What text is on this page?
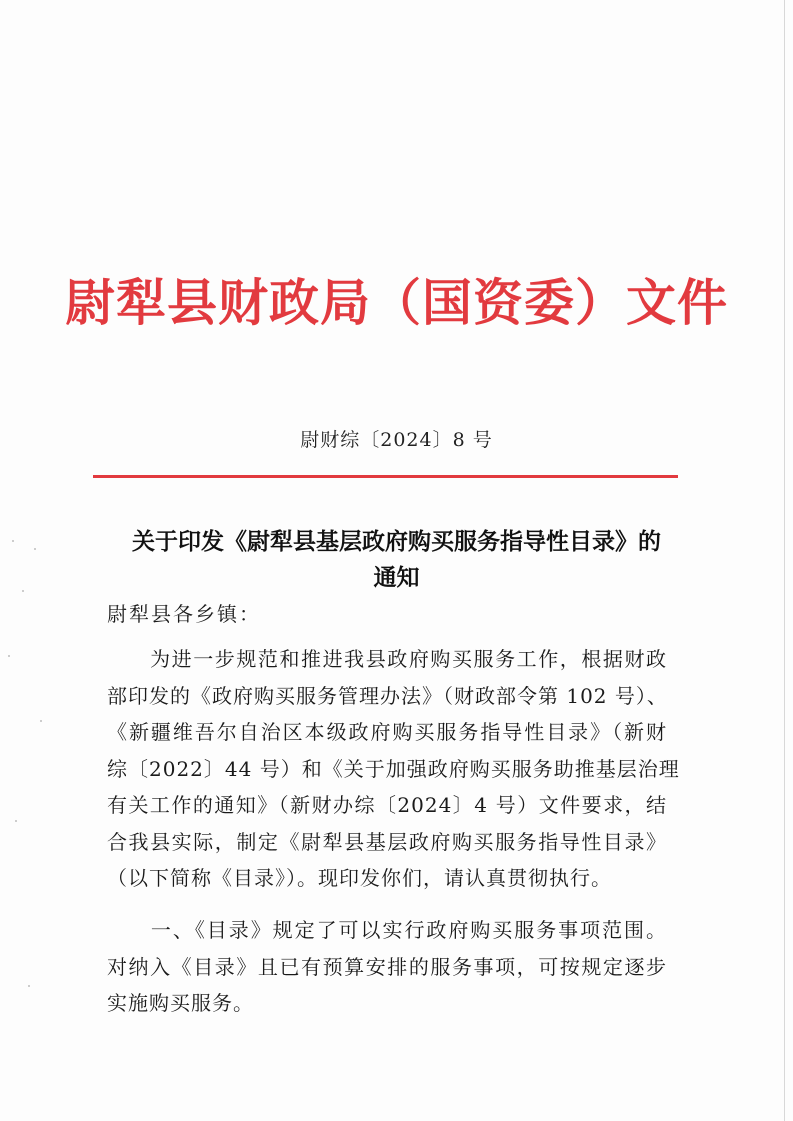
尉犁县财政局（国资委）文件
尉财综〔2024〕8 号
关于印发《尉犁县基层政府购买服务指导性目录》的
通知
尉犁县各乡镇：
　　为进一步规范和推进我县政府购买服务工作，根据财政
部印发的《政府购买服务管理办法》（财政部令第 102 号）、
《新疆维吾尔自治区本级政府购买服务指导性目录》（新财
综〔2022〕44 号）和《关于加强政府购买服务助推基层治理
有关工作的通知》（新财办综〔2024〕4 号）文件要求，结
合我县实际，制定《尉犁县基层政府购买服务指导性目录》
（以下简称《目录》）。现印发你们，请认真贯彻执行。
　　一、《目录》规定了可以实行政府购买服务事项范围。
对纳入《目录》且已有预算安排的服务事项，可按规定逐步
实施购买服务。
